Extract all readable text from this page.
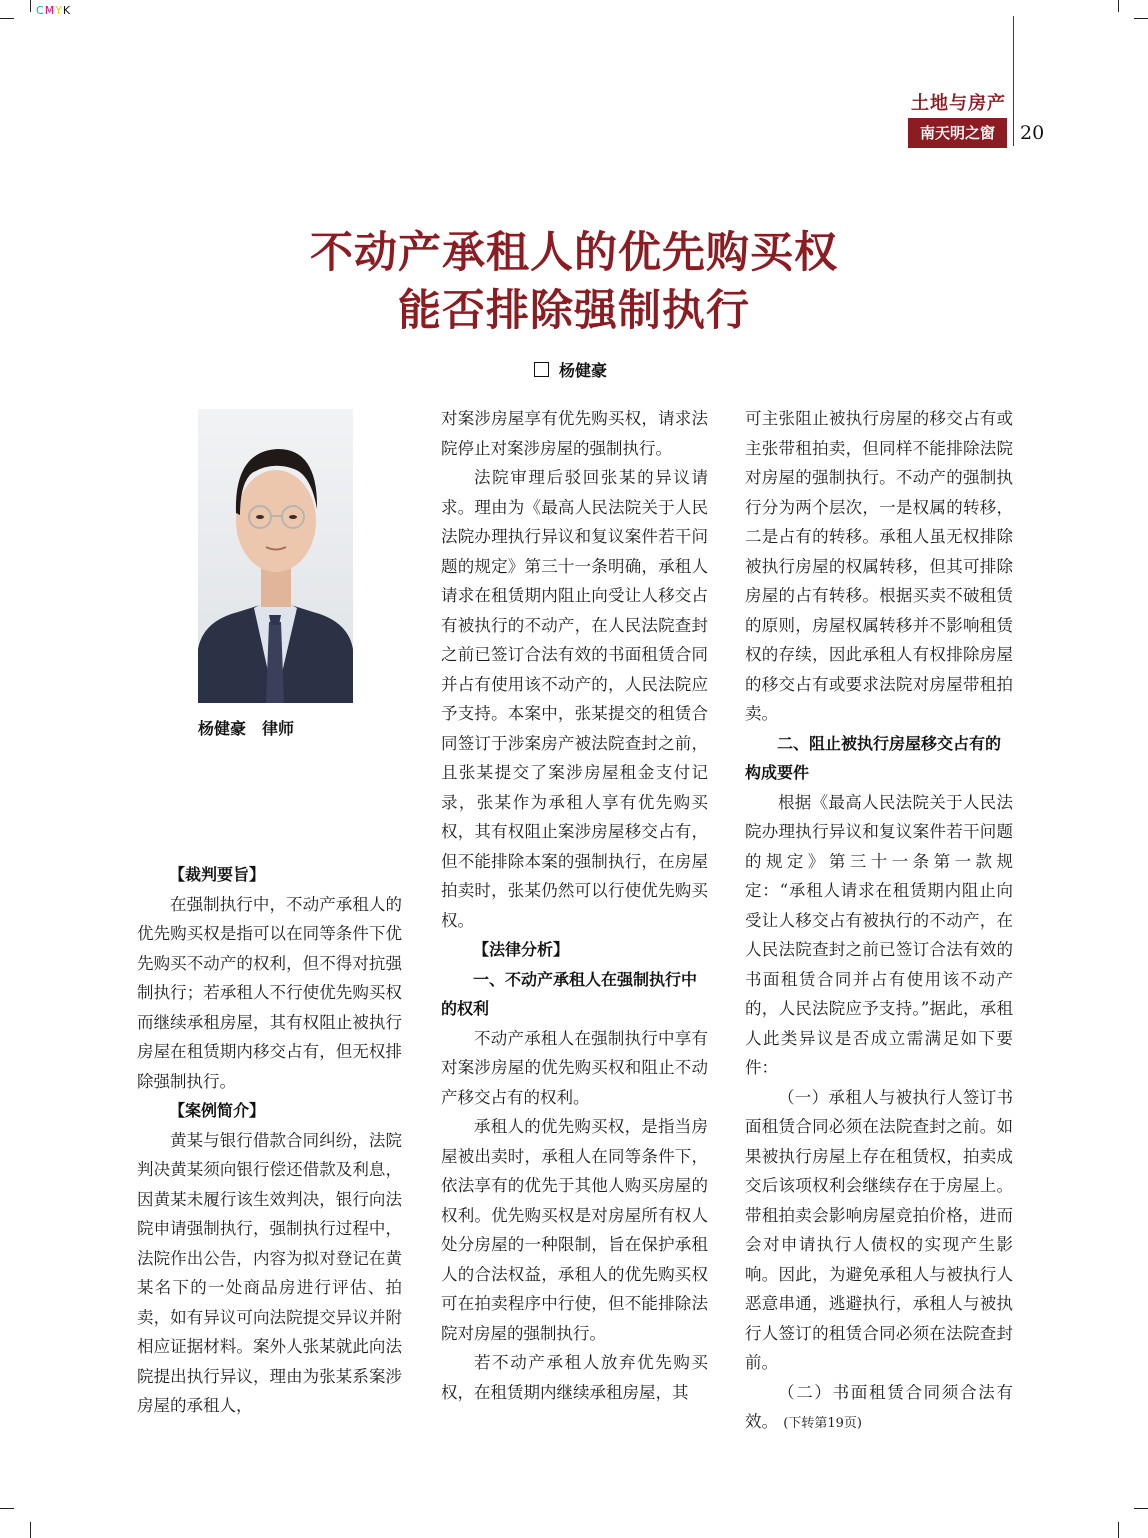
CMYK
土地与房产
南天明之窗	20
不动产承租人的优先购买权
能否排除强制执行
杨健豪
杨健豪　律师
【裁判要旨】

在强制执行中，不动产承租人的优先购买权是指可以在同等条件下优先购买不动产的权利，但不得对抗强制执行；若承租人不行使优先购买权而继续承租房屋，其有权阻止被执行房屋在租赁期内移交占有，但无权排除强制执行。

【案例简介】

黄某与银行借款合同纠纷，法院判决黄某须向银行偿还借款及利息，因黄某未履行该生效判决，银行向法院申请强制执行，强制执行过程中，法院作出公告，内容为拟对登记在黄某名下的一处商品房进行评估、拍卖，如有异议可向法院提交异议并附相应证据材料。案外人张某就此向法院提出执行异议，理由为张某系案涉房屋的承租人，

对案涉房屋享有优先购买权，请求法院停止对案涉房屋的强制执行。

法院审理后驳回张某的异议请求。理由为《最高人民法院关于人民法院办理执行异议和复议案件若干问题的规定》第三十一条明确，承租人请求在租赁期内阻止向受让人移交占有被执行的不动产，在人民法院查封之前已签订合法有效的书面租赁合同并占有使用该不动产的，人民法院应予支持。本案中，张某提交的租赁合同签订于涉案房产被法院查封之前，且张某提交了案涉房屋租金支付记录，张某作为承租人享有优先购买权，其有权阻止案涉房屋移交占有，但不能排除本案的强制执行，在房屋拍卖时，张某仍然可以行使优先购买权。

【法律分析】
一、不动产承租人在强制执行中的权利

不动产承租人在强制执行中享有对案涉房屋的优先购买权和阻止不动产移交占有的权利。

承租人的优先购买权，是指当房屋被出卖时，承租人在同等条件下，依法享有的优先于其他人购买房屋的权利。优先购买权是对房屋所有权人处分房屋的一种限制，旨在保护承租人的合法权益，承租人的优先购买权可在拍卖程序中行使，但不能排除法院对房屋的强制执行。

若不动产承租人放弃优先购买权，在租赁期内继续承租房屋，其

可主张阻止被执行房屋的移交占有或主张带租拍卖，但同样不能排除法院对房屋的强制执行。不动产的强制执行分为两个层次，一是权属的转移，二是占有的转移。承租人虽无权排除被执行房屋的权属转移，但其可排除房屋的占有转移。根据买卖不破租赁的原则，房屋权属转移并不影响租赁权的存续，因此承租人有权排除房屋的移交占有或要求法院对房屋带租拍卖。

二、阻止被执行房屋移交占有的构成要件

根据《最高人民法院关于人民法院办理执行异议和复议案件若干问题的规定》第三十一条第一款规定：“承租人请求在租赁期内阻止向受让人移交占有被执行的不动产，在人民法院查封之前已签订合法有效的书面租赁合同并占有使用该不动产的，人民法院应予支持。”据此，承租人此类异议是否成立需满足如下要件：

（一）承租人与被执行人签订书面租赁合同必须在法院查封之前。如果被执行房屋上存在租赁权，拍卖成交后该项权利会继续存在于房屋上。带租拍卖会影响房屋竞拍价格，进而会对申请执行人债权的实现产生影响。因此，为避免承租人与被执行人恶意串通，逃避执行，承租人与被执行人签订的租赁合同必须在法院查封前。

（二）书面租赁合同须合法有效。 (下转第19页)
